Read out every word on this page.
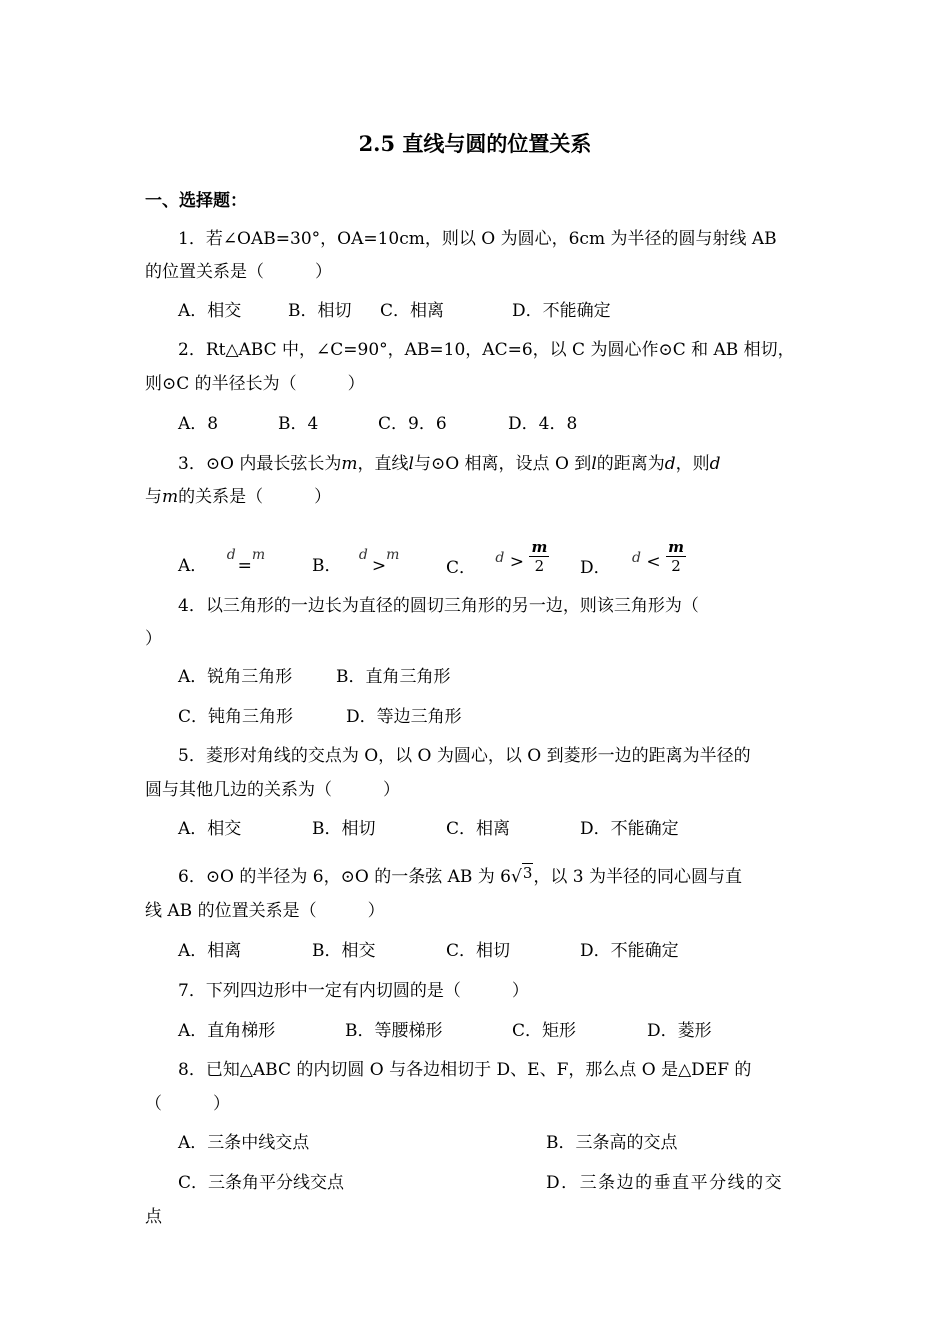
2.5 直线与圆的位置关系
一、选择题：
1．若∠OAB=30°，OA=10cm，则以 O 为圆心，6cm 为半径的圆与射线 AB
的位置关系是（　　　）
A．相交	B．相切 C．相离	D．不能确定
2．Rt△ABC 中，∠C=90°，AB=10，AC=6，以 C 为圆心作⊙C 和 AB 相切，
则⊙C 的半径长为（　　　）
A．8	B．4	C．9．6	D．4．8
3．⊙O 内最长弦长为m，直线l与⊙O 相离，设点 O 到l的距离为d，则d
与m的关系是（　　　）
A． $^d$=$^m$
B． $^d$>$^m$
C． $d > \frac{m}{2}$ D． $d < \frac{m}{2}$
4．以三角形的一边长为直径的圆切三角形的另一边，则该三角形为（
）
A．锐角三角形	B．直角三角形
C．钝角三角形	D．等边三角形
5．菱形对角线的交点为 O，以 O 为圆心，以 O 到菱形一边的距离为半径的
圆与其他几边的关系为（　　　）
A．相交	B．相切	C．相离	D．不能确定
6．⊙O 的半径为 6，⊙O 的一条弦 AB 为 6√3，以 3 为半径的同心圆与直
线 AB 的位置关系是（　　　）
A．相离	B．相交	C．相切	D．不能确定
7．下列四边形中一定有内切圆的是（　　　）
A．直角梯形	B．等腰梯形	C．矩形	D．菱形
8．已知△ABC 的内切圆 O 与各边相切于 D、E、F，那么点 O 是△DEF 的
（　　　）
A．三条中线交点	B．三条高的交点
C．三条角平分线交点	D．三条边的垂直平分线的交
点
